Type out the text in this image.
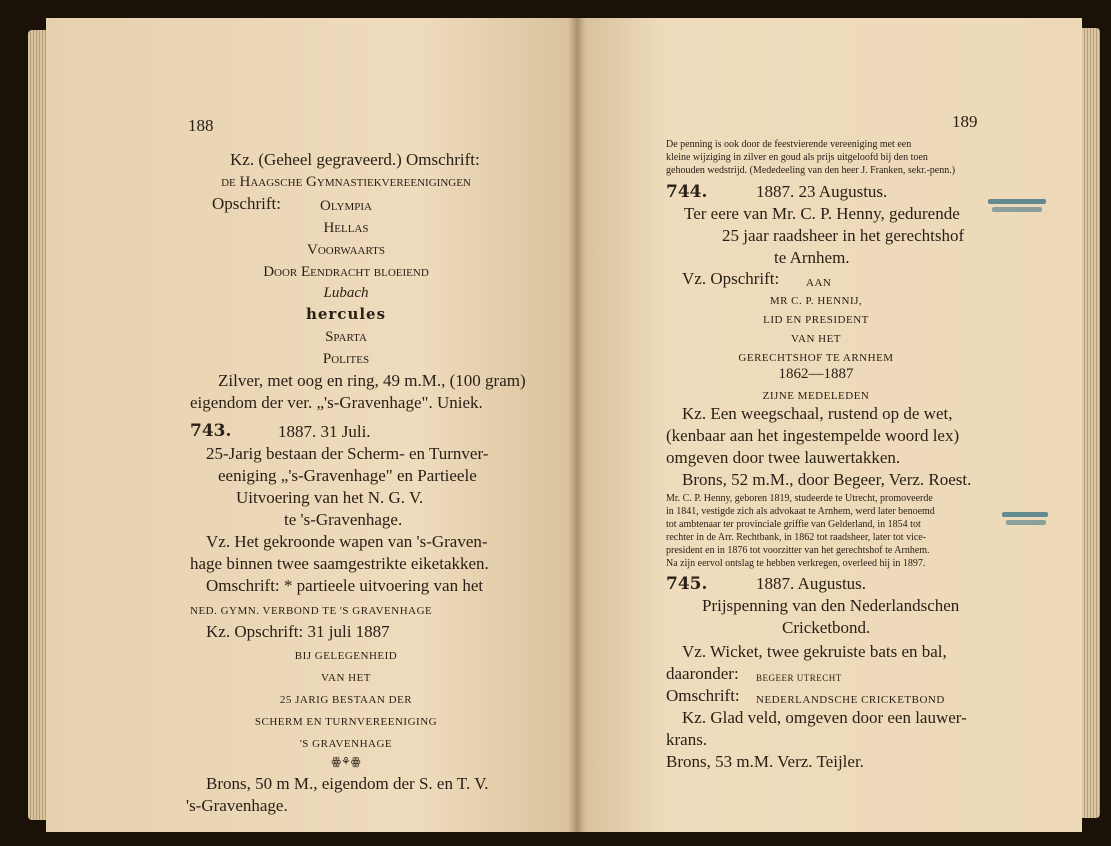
188
Kz. (Geheel gegraveerd.) Omschrift:
de Haagsche Gymnastiekvereenigingen
Opschrift:	Olympia
Hellas
Voorwaarts
Door Eendracht bloeiend
Lubach
hercules
Sparta
Polites
Zilver, met oog en ring, 49 m.M., (100 gram)
eigendom der ver. „'s-Gravenhage". Uniek.
743.	1887. 31 Juli.
25-Jarig bestaan der Scherm- en Turnver-
eeniging „'s-Gravenhage" en Partieele
Uitvoering van het N. G. V.
te 's-Gravenhage.
Vz. Het gekroonde wapen van 's-Graven-
hage binnen twee saamgestrikte eiketakken.
Omschrift: * partieele uitvoering van het
NED. GYMN. VERBOND TE 'S GRAVENHAGE
Kz. Opschrift: 31 juli 1887
BIJ GELEGENHEID
VAN HET
25 JARIG BESTAAN DER
SCHERM EN TURNVEREENIGING
'S GRAVENHAGE
ꙮ⚘ꙮ
Brons, 50 m M., eigendom der S. en T. V.
's-Gravenhage.
189
De penning is ook door de feestvierende vereeniging met een
kleine wijziging in zilver en goud als prijs uitgeloofd bij den toen
gehouden wedstrijd. (Mededeeling van den heer J. Franken, sekr.-penn.)
744.	1887. 23 Augustus.
Ter eere van Mr. C. P. Henny, gedurende
25 jaar raadsheer in het gerechtshof
te Arnhem.
Vz. Opschrift: AAN
MR C. P. HENNIJ,
LID EN PRESIDENT
VAN HET
GERECHTSHOF TE ARNHEM
1862—1887
ZIJNE MEDELEDEN
Kz. Een weegschaal, rustend op de wet,
(kenbaar aan het ingestempelde woord lex)
omgeven door twee lauwertakken.
Brons, 52 m.M., door Begeer, Verz. Roest.
Mr. C. P. Henny, geboren 1819, studeerde te Utrecht, promoveerde
in 1841, vestigde zich als advokaat te Arnhem, werd later benoemd
tot ambtenaar ter provinciale griffie van Gelderland, in 1854 tot
rechter in de Arr. Rechtbank, in 1862 tot raadsheer, later tot vice-
president en in 1876 tot voorzitter van het gerechtshof te Arnhem.
Na zijn eervol ontslag te hebben verkregen, overleed hij in 1897.
745.	1887. Augustus.
Prijspenning van den Nederlandschen
Cricketbond.
Vz. Wicket, twee gekruiste bats en bal,
daaronder: BEGEER UTRECHT
Omschrift: NEDERLANDSCHE CRICKETBOND
Kz. Glad veld, omgeven door een lauwer-
krans.
Brons, 53 m.M. Verz. Teijler.
